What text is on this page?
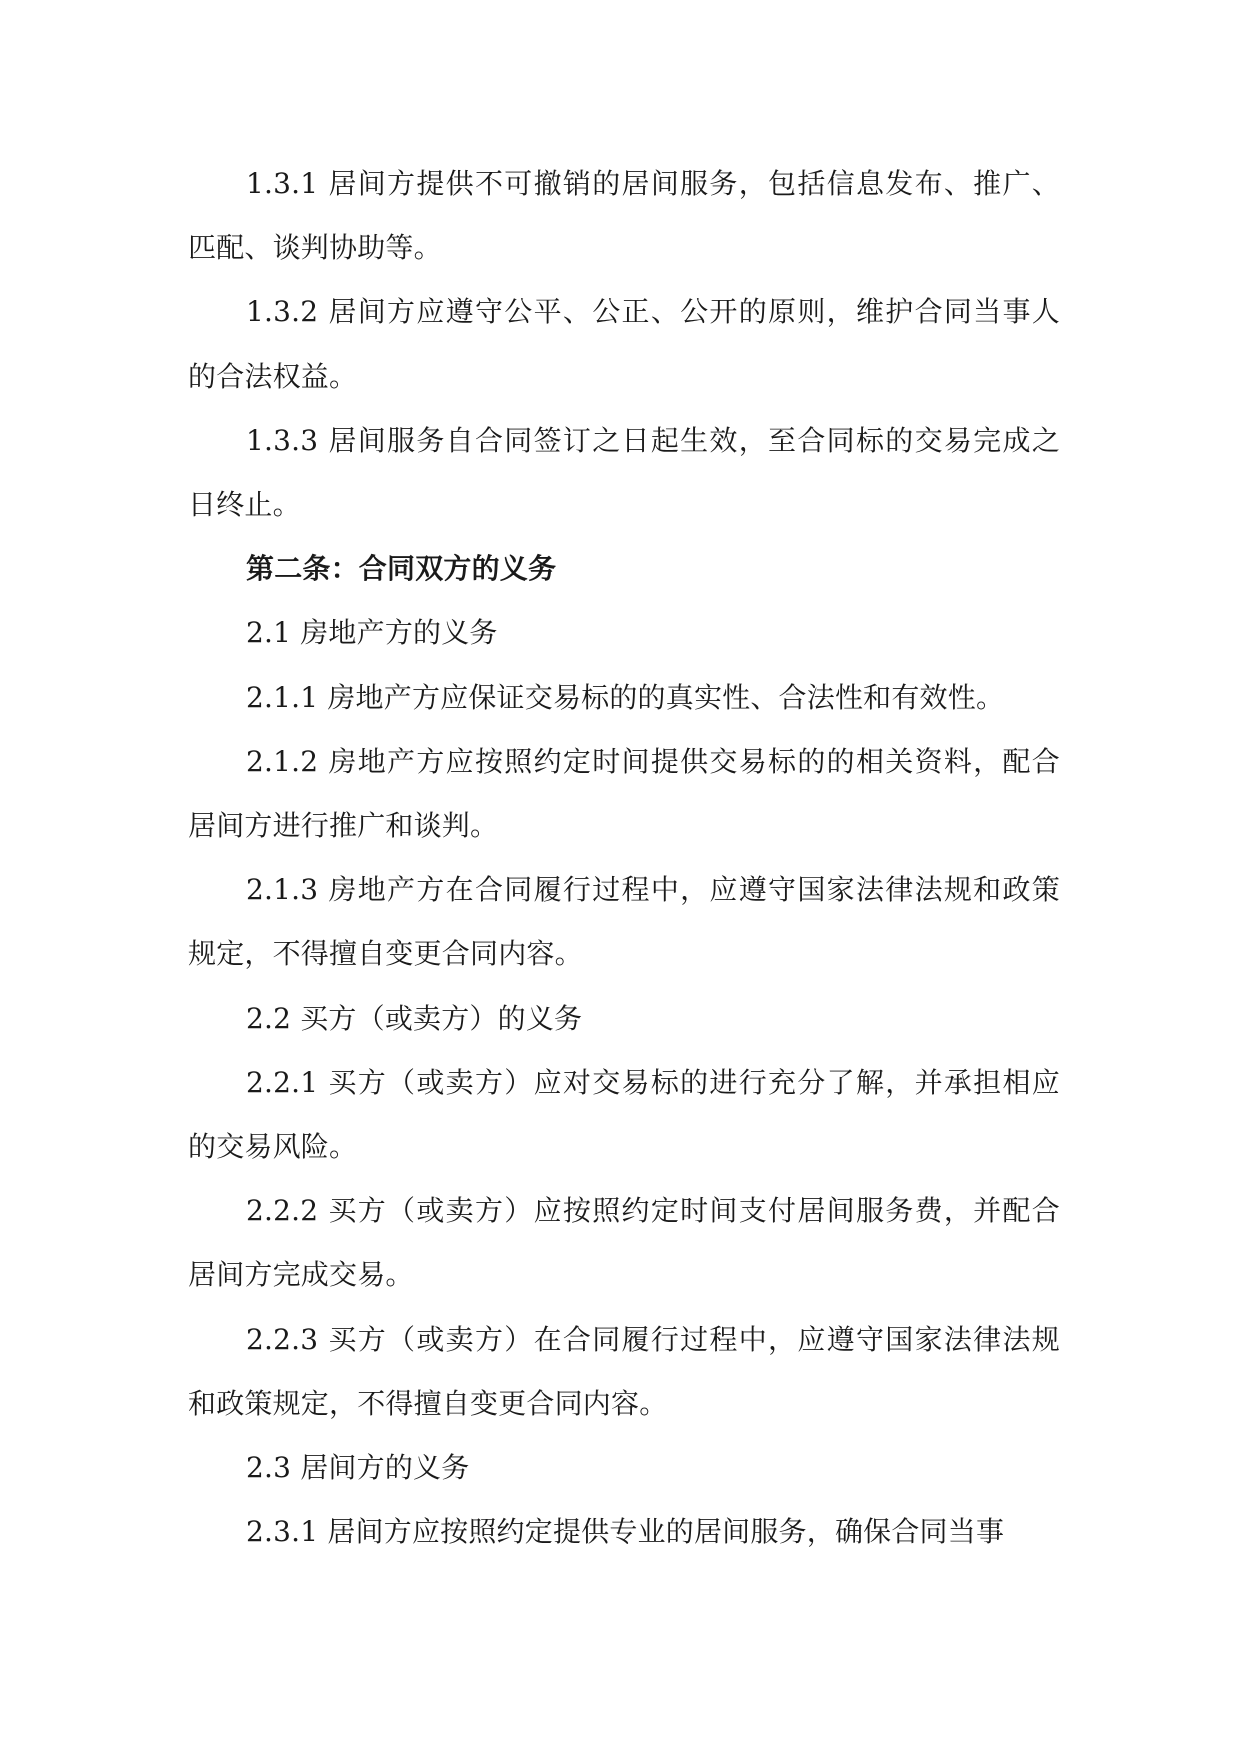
1.3.1 居间方提供不可撤销的居间服务，包括信息发布、推广、匹配、谈判协助等。

1.3.2 居间方应遵守公平、公正、公开的原则，维护合同当事人的合法权益。

1.3.3 居间服务自合同签订之日起生效，至合同标的交易完成之日终止。

第二条：合同双方的义务

2.1 房地产方的义务

2.1.1 房地产方应保证交易标的的真实性、合法性和有效性。

2.1.2 房地产方应按照约定时间提供交易标的的相关资料，配合居间方进行推广和谈判。

2.1.3 房地产方在合同履行过程中，应遵守国家法律法规和政策规定，不得擅自变更合同内容。

2.2 买方（或卖方）的义务

2.2.1 买方（或卖方）应对交易标的进行充分了解，并承担相应的交易风险。

2.2.2 买方（或卖方）应按照约定时间支付居间服务费，并配合居间方完成交易。

2.2.3 买方（或卖方）在合同履行过程中，应遵守国家法律法规和政策规定，不得擅自变更合同内容。

2.3 居间方的义务

2.3.1 居间方应按照约定提供专业的居间服务，确保合同当事
